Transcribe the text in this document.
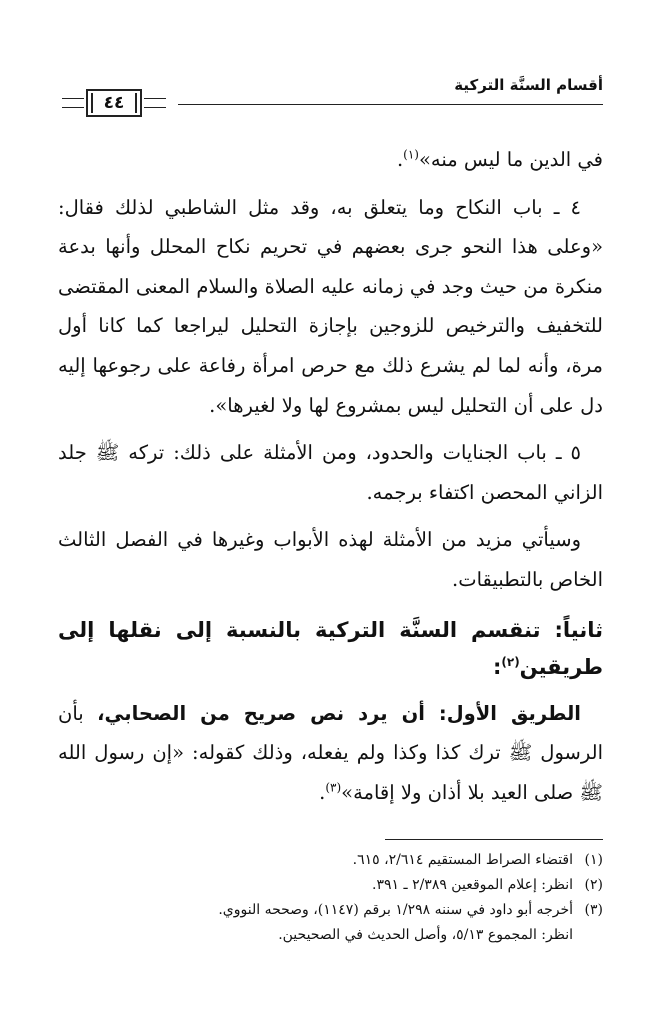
أقسام السنَّة التركية
٤٤

في الدين ما ليس منه»$^{(١)}$.

٤ ـ باب النكاح وما يتعلق به، وقد مثل الشاطبي لذلك فقال: «وعلى هذا النحو جرى بعضهم في تحريم نكاح المحلل وأنها بدعة منكرة من حيث وجد في زمانه عليه الصلاة والسلام المعنى المقتضى للتخفيف والترخيص للزوجين بإجازة التحليل ليراجعا كما كانا أول مرة، وأنه لما لم يشرع ذلك مع حرص امرأة رفاعة على رجوعها إليه دل على أن التحليل ليس بمشروع لها ولا لغيرها».

٥ ـ باب الجنايات والحدود، ومن الأمثلة على ذلك: تركه ﷺ جلد الزاني المحصن اكتفاء برجمه.

وسيأتي مزيد من الأمثلة لهذه الأبواب وغيرها في الفصل الثالث الخاص بالتطبيقات.

ثانياً: تنقسم السنَّة التركية بالنسبة إلى نقلها إلى طريقين$^{(٢)}$:

الطريق الأول: أن يرد نص صريح من الصحابي، بأن الرسول ﷺ ترك كذا وكذا ولم يفعله، وذلك كقوله: «إن رسول الله ﷺ صلى العيد بلا أذان ولا إقامة»$^{(٣)}$.

(١)اقتضاء الصراط المستقيم ٢/٦١٤، ٦١٥.

(٢)انظر: إعلام الموقعين ٢/٣٨٩ ـ ٣٩١.

(٣)أخرجه أبو داود في سننه ١/٢٩٨ برقم (١١٤٧)، وصححه النووي.

انظر: المجموع ٥/١٣، وأصل الحديث في الصحيحين.
